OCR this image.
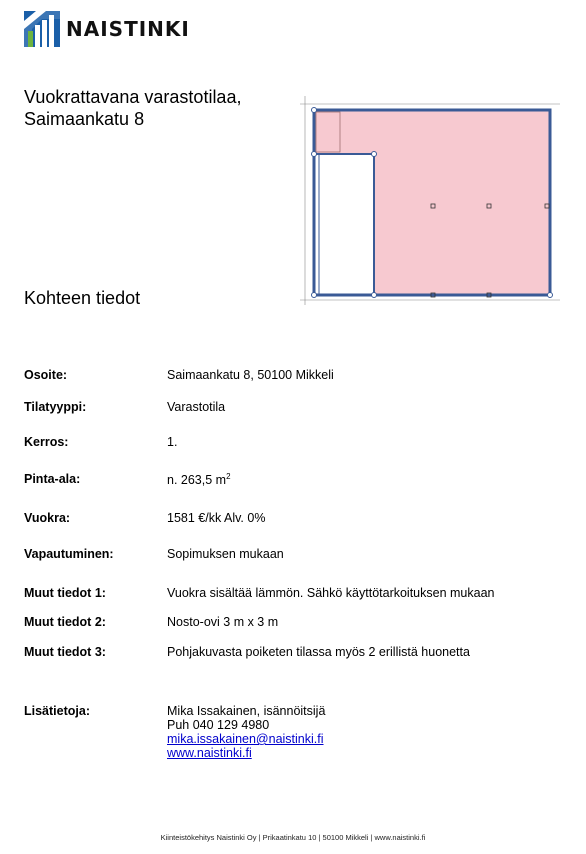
NAISTINKI
Vuokrattavana varastotilaa,
Saimaankatu 8
Kohteen tiedot
Osoite:	Saimaankatu 8, 50100 Mikkeli
Tilatyyppi:	Varastotila
Kerros:	1.
Pinta-ala:	n. 263,5 $m^2$
Vuokra:	1581 €/kk Alv. 0%
Vapautuminen:	Sopimuksen mukaan
Muut tiedot 1:	Vuokra sisältää lämmön. Sähkö käyttötarkoituksen mukaan
Muut tiedot 2:	Nosto-ovi 3 m x 3 m
Muut tiedot 3:	Pohjakuvasta poiketen tilassa myös 2 erillistä huonetta
Lisätietoja:	Mika Issakainen, isännöitsijä
Puh 040 129 4980
mika.issakainen@naistinki.fi
www.naistinki.fi
Kiinteistökehitys Naistinki Oy | Prikaatinkatu 10 | 50100 Mikkeli | www.naistinki.fi
